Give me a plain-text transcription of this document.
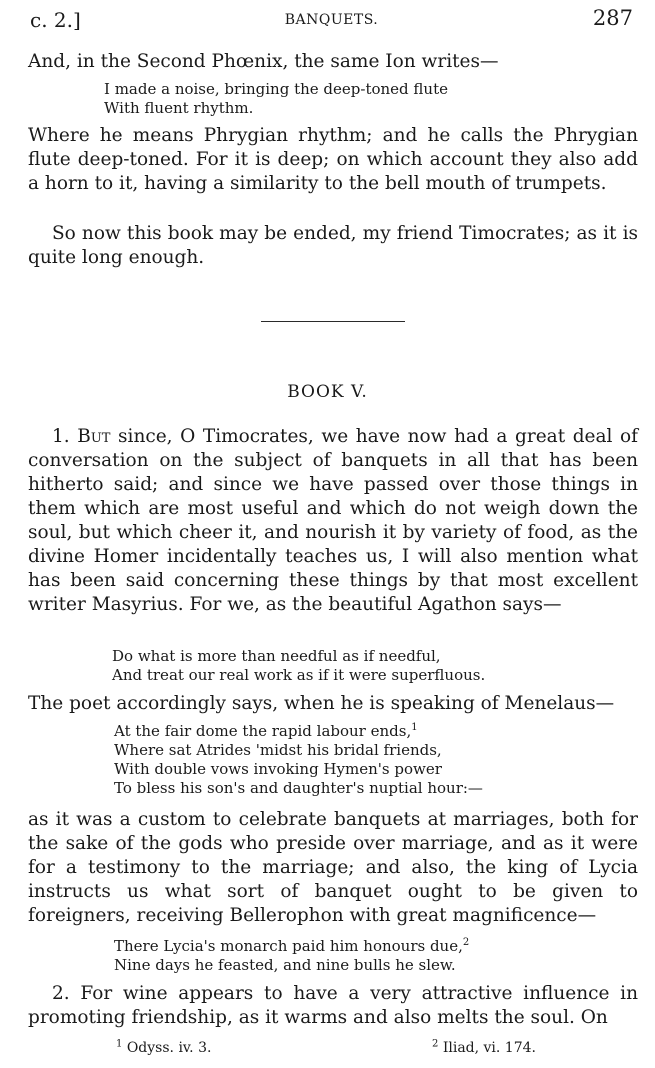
c. 2.]	BANQUETS.	287

And, in the Second Phœnix, the same Ion writes—

I made a noise, bringing the deep-toned flute
With fluent rhythm.

Where he means Phrygian rhythm; and he calls the Phrygian flute deep-toned. For it is deep; on which account they also add a horn to it, having a similarity to the bell mouth of trumpets.

So now this book may be ended, my friend Timocrates; as it is quite long enough.

BOOK V.

1. But since, O Timocrates, we have now had a great deal of conversation on the subject of banquets in all that has been hitherto said; and since we have passed over those things in them which are most useful and which do not weigh down the soul, but which cheer it, and nourish it by variety of food, as the divine Homer incidentally teaches us, I will also mention what has been said concerning these things by that most excellent writer Masyrius. For we, as the beautiful Agathon says—

Do what is more than needful as if needful,
And treat our real work as if it were superfluous.

The poet accordingly says, when he is speaking of Menelaus—

At the fair dome the rapid labour ends,$^1$
Where sat Atrides 'midst his bridal friends,
With double vows invoking Hymen's power
To bless his son's and daughter's nuptial hour:—

as it was a custom to celebrate banquets at marriages, both for the sake of the gods who preside over marriage, and as it were for a testimony to the marriage; and also, the king of Lycia instructs us what sort of banquet ought to be given to foreigners, receiving Bellerophon with great magnificence—

There Lycia's monarch paid him honours due,$^2$
Nine days he feasted, and nine bulls he slew.

2. For wine appears to have a very attractive influence in promoting friendship, as it warms and also melts the soul. On

$^1$ Odyss. iv. 3.	$^2$ Iliad, vi. 174.
